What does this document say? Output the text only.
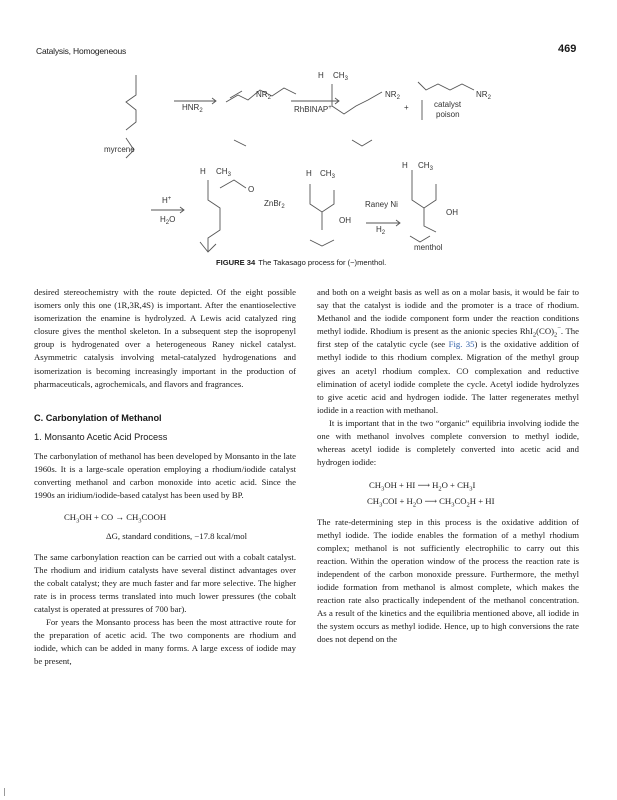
Catalysis, Homogeneous	469
$HNR_2$
myrcene
$NR_2$
RhBINAP+
H $CH_3$
$NR_2$
+
$NR_2$
catalyst
poison
H+
$H_2O$
H $CH_3$
O
ZnBr$_2$
H $CH_3$
OH
Raney Ni
$H_2$
H $CH_3$
OH
menthol
FIGURE 34 The Takasago process for (−)menthol.

desired stereochemistry with the route depicted. Of the eight possible isomers only this one (1R,3R,4S) is important. After the enantioselective isomerization the enamine is hydrolyzed. A Lewis acid catalyzed ring closure gives the menthol skeleton. In a subsequent step the isopropenyl group is hydrogenated over a heterogeneous Raney nickel catalyst. Asymmetric catalysis involving metal-catalyzed hydrogenations and isomerization is becoming increasingly important in the production of pharmaceuticals, agrochemicals, and flavors and fragrances.

C. Carbonylation of Methanol

1. Monsanto Acetic Acid Process

The carbonylation of methanol has been developed by Monsanto in the late 1960s. It is a large-scale operation employing a rhodium/iodide catalyst converting methanol and carbon monoxide into acetic acid. Since the 1990s an iridium/iodide-based catalyst has been used by BP.

$CH_3OH$ + CO → $CH_3COOH$

ΔG, standard conditions, −17.8 kcal/mol

The same carbonylation reaction can be carried out with a cobalt catalyst. The rhodium and iridium catalysts have several distinct advantages over the cobalt catalyst; they are much faster and far more selective. The higher rate is in process terms translated into much lower pressures (the cobalt catalyst is operated at pressures of 700 bar).

For years the Monsanto process has been the most attractive route for the preparation of acetic acid. The two components are rhodium and iodide, which can be added in many forms. A large excess of iodide may be present,

and both on a weight basis as well as on a molar basis, it would be fair to say that the catalyst is iodide and the promoter is a trace of rhodium. Methanol and the iodide component form under the reaction conditions methyl iodide. Rhodium is present as the anionic species $RhI_2(CO)_2^-$. The first step of the catalytic cycle (see Fig. 35) is the oxidative addition of methyl iodide to this rhodium complex. Migration of the methyl group gives an acetyl rhodium complex. CO complexation and reductive elimination of acetyl iodide complete the cycle. Acetyl iodide hydrolyzes to give acetic acid and hydrogen iodide. The latter regenerates methyl iodide in a reaction with methanol.

It is important that in the two “organic” equilibria involving iodide the one with methanol involves complete conversion to methyl iodide, whereas acetyl iodide is completely converted into acetic acid and hydrogen iodide:

$CH_3OH$ + HI ⟶ $H_2O + CH_3I$

$CH_3COI + H_2O$ ⟶ $CH_3CO_2H$ + HI

The rate-determining step in this process is the oxidative addition of methyl iodide. The iodide enables the formation of a methyl rhodium complex; methanol is not sufficiently electrophilic to carry out this reaction. Within the operation window of the process the reaction rate is independent of the carbon monoxide pressure. Furthermore, the methyl iodide formation from methanol is almost complete, which makes the reaction rate also practically independent of the methanol concentration. As a result of the kinetics and the equilibria mentioned above, all iodide in the system occurs as methyl iodide. Hence, up to high conversions the rate does not depend on the
